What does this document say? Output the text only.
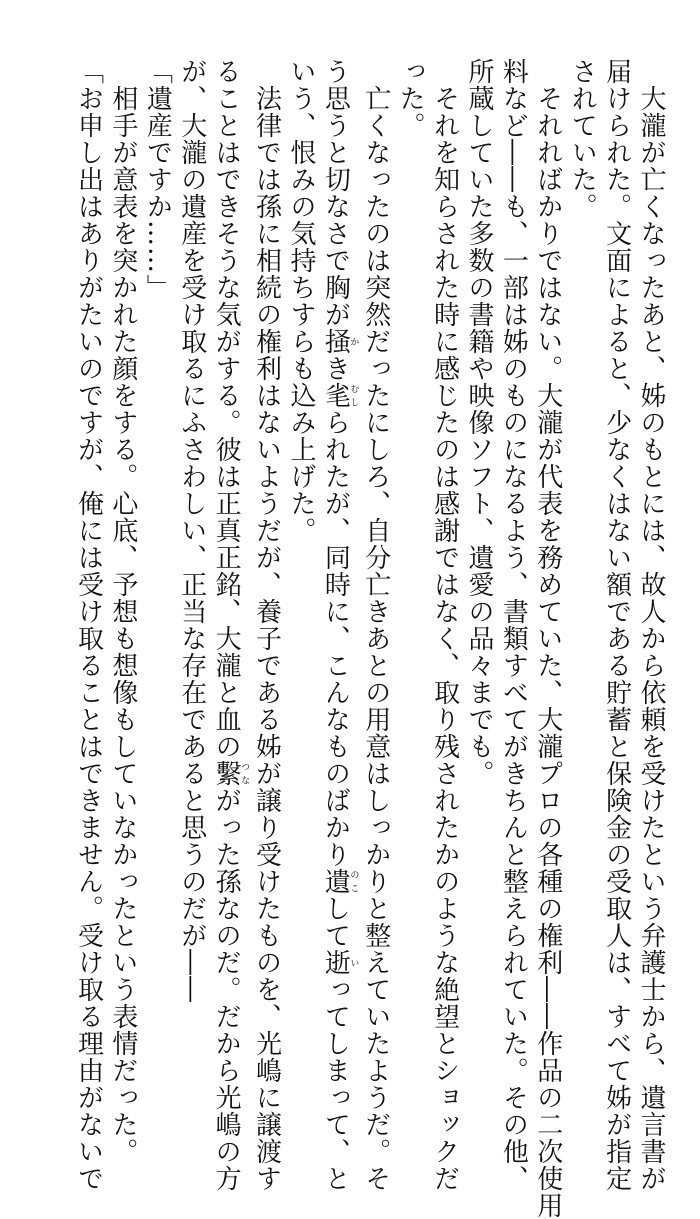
　大瀧が亡くなったあと、姊のもとには、故人から依頼を受けたという弁護士から、遺言書が
届けられた。文面によると、少なくはない額である貯蓄と保険金の受取人は、すべて姊が指定
されていた。
　それればかりではない。大瀧が代表を務めていた、大瀧プロの各種の権利――作品の二次使用
料など――も、一部は姊のものになるよう、書類すべてがきちんと整えられていた。その他、
所蔵していた多数の書籍や映像ソフト、遺愛の品々までも。
　それを知らされた時に感じたのは感謝ではなく、取り残されたかのような絶望とショックだ
った。
　亡くなったのは突然だったにしろ、自分亡きあとの用意はしっかりと整えていたようだ。そ
う思うと切なさで胸が掻かき毟むしられたが、同時に、こんなものばかり遺のこして逝いってしまって、と
いう、恨みの気持ちすらも込み上げた。
　法律では孫に相続の権利はないようだが、養子である姊が譲り受けたものを、光嶋に譲渡す
ることはできそうな気がする。彼は正真正銘、大瀧と血の繫つながった孫なのだ。だから光嶋の方
が、大瀧の遺産を受け取るにふさわしい、正当な存在であると思うのだが――
「遺産ですか……」
　相手が意表を突かれた顔をする。心底、予想も想像もしていなかったという表情だった。
「お申し出はありがたいのですが、俺には受け取ることはできません。受け取る理由がないで
